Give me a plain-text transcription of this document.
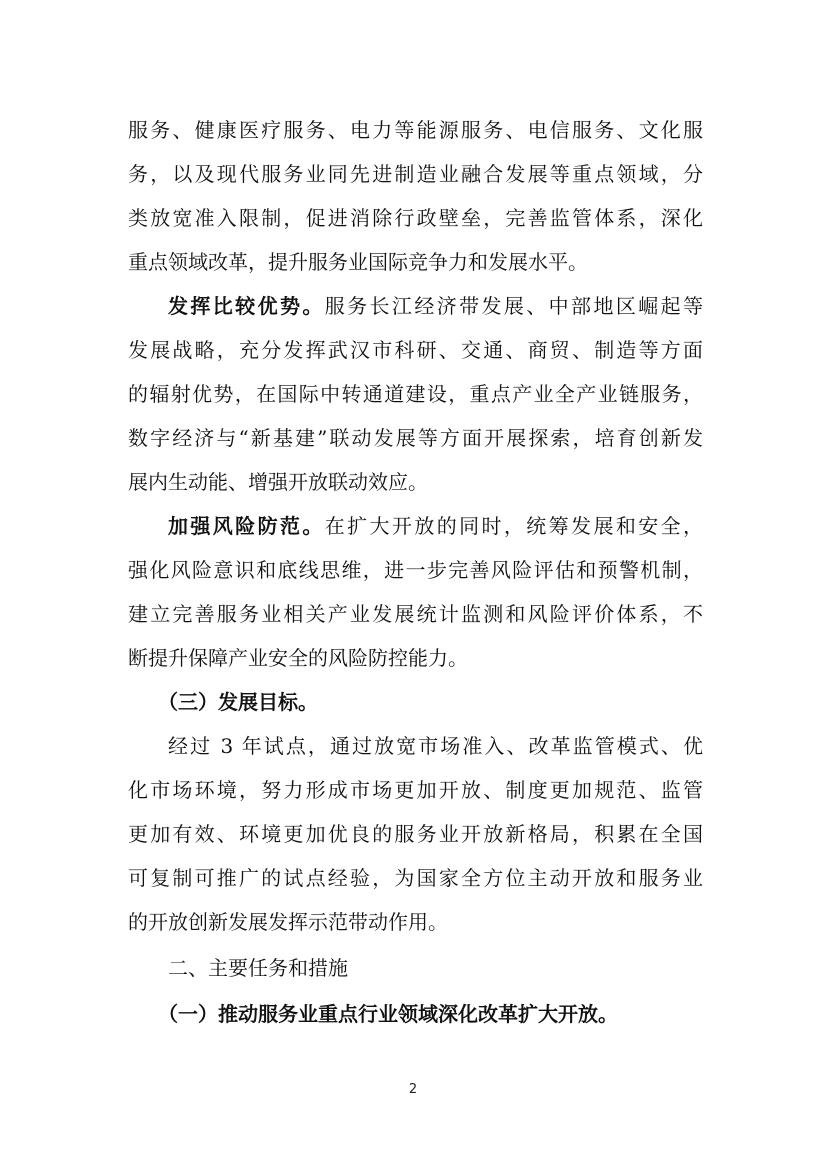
服务、健康医疗服务、电力等能源服务、电信服务、文化服
务，以及现代服务业同先进制造业融合发展等重点领域，分
类放宽准入限制，促进消除行政壁垒，完善监管体系，深化
重点领域改革，提升服务业国际竞争力和发展水平。
发挥比较优势。服务长江经济带发展、中部地区崛起等
发展战略，充分发挥武汉市科研、交通、商贸、制造等方面
的辐射优势，在国际中转通道建设，重点产业全产业链服务，
数字经济与“新基建”联动发展等方面开展探索，培育创新发
展内生动能、增强开放联动效应。
加强风险防范。在扩大开放的同时，统筹发展和安全，
强化风险意识和底线思维，进一步完善风险评估和预警机制，
建立完善服务业相关产业发展统计监测和风险评价体系，不
断提升保障产业安全的风险防控能力。
（三）发展目标。
经过 3 年试点，通过放宽市场准入、改革监管模式、优
化市场环境，努力形成市场更加开放、制度更加规范、监管
更加有效、环境更加优良的服务业开放新格局，积累在全国
可复制可推广的试点经验，为国家全方位主动开放和服务业
的开放创新发展发挥示范带动作用。
二、主要任务和措施
（一）推动服务业重点行业领域深化改革扩大开放。
2
